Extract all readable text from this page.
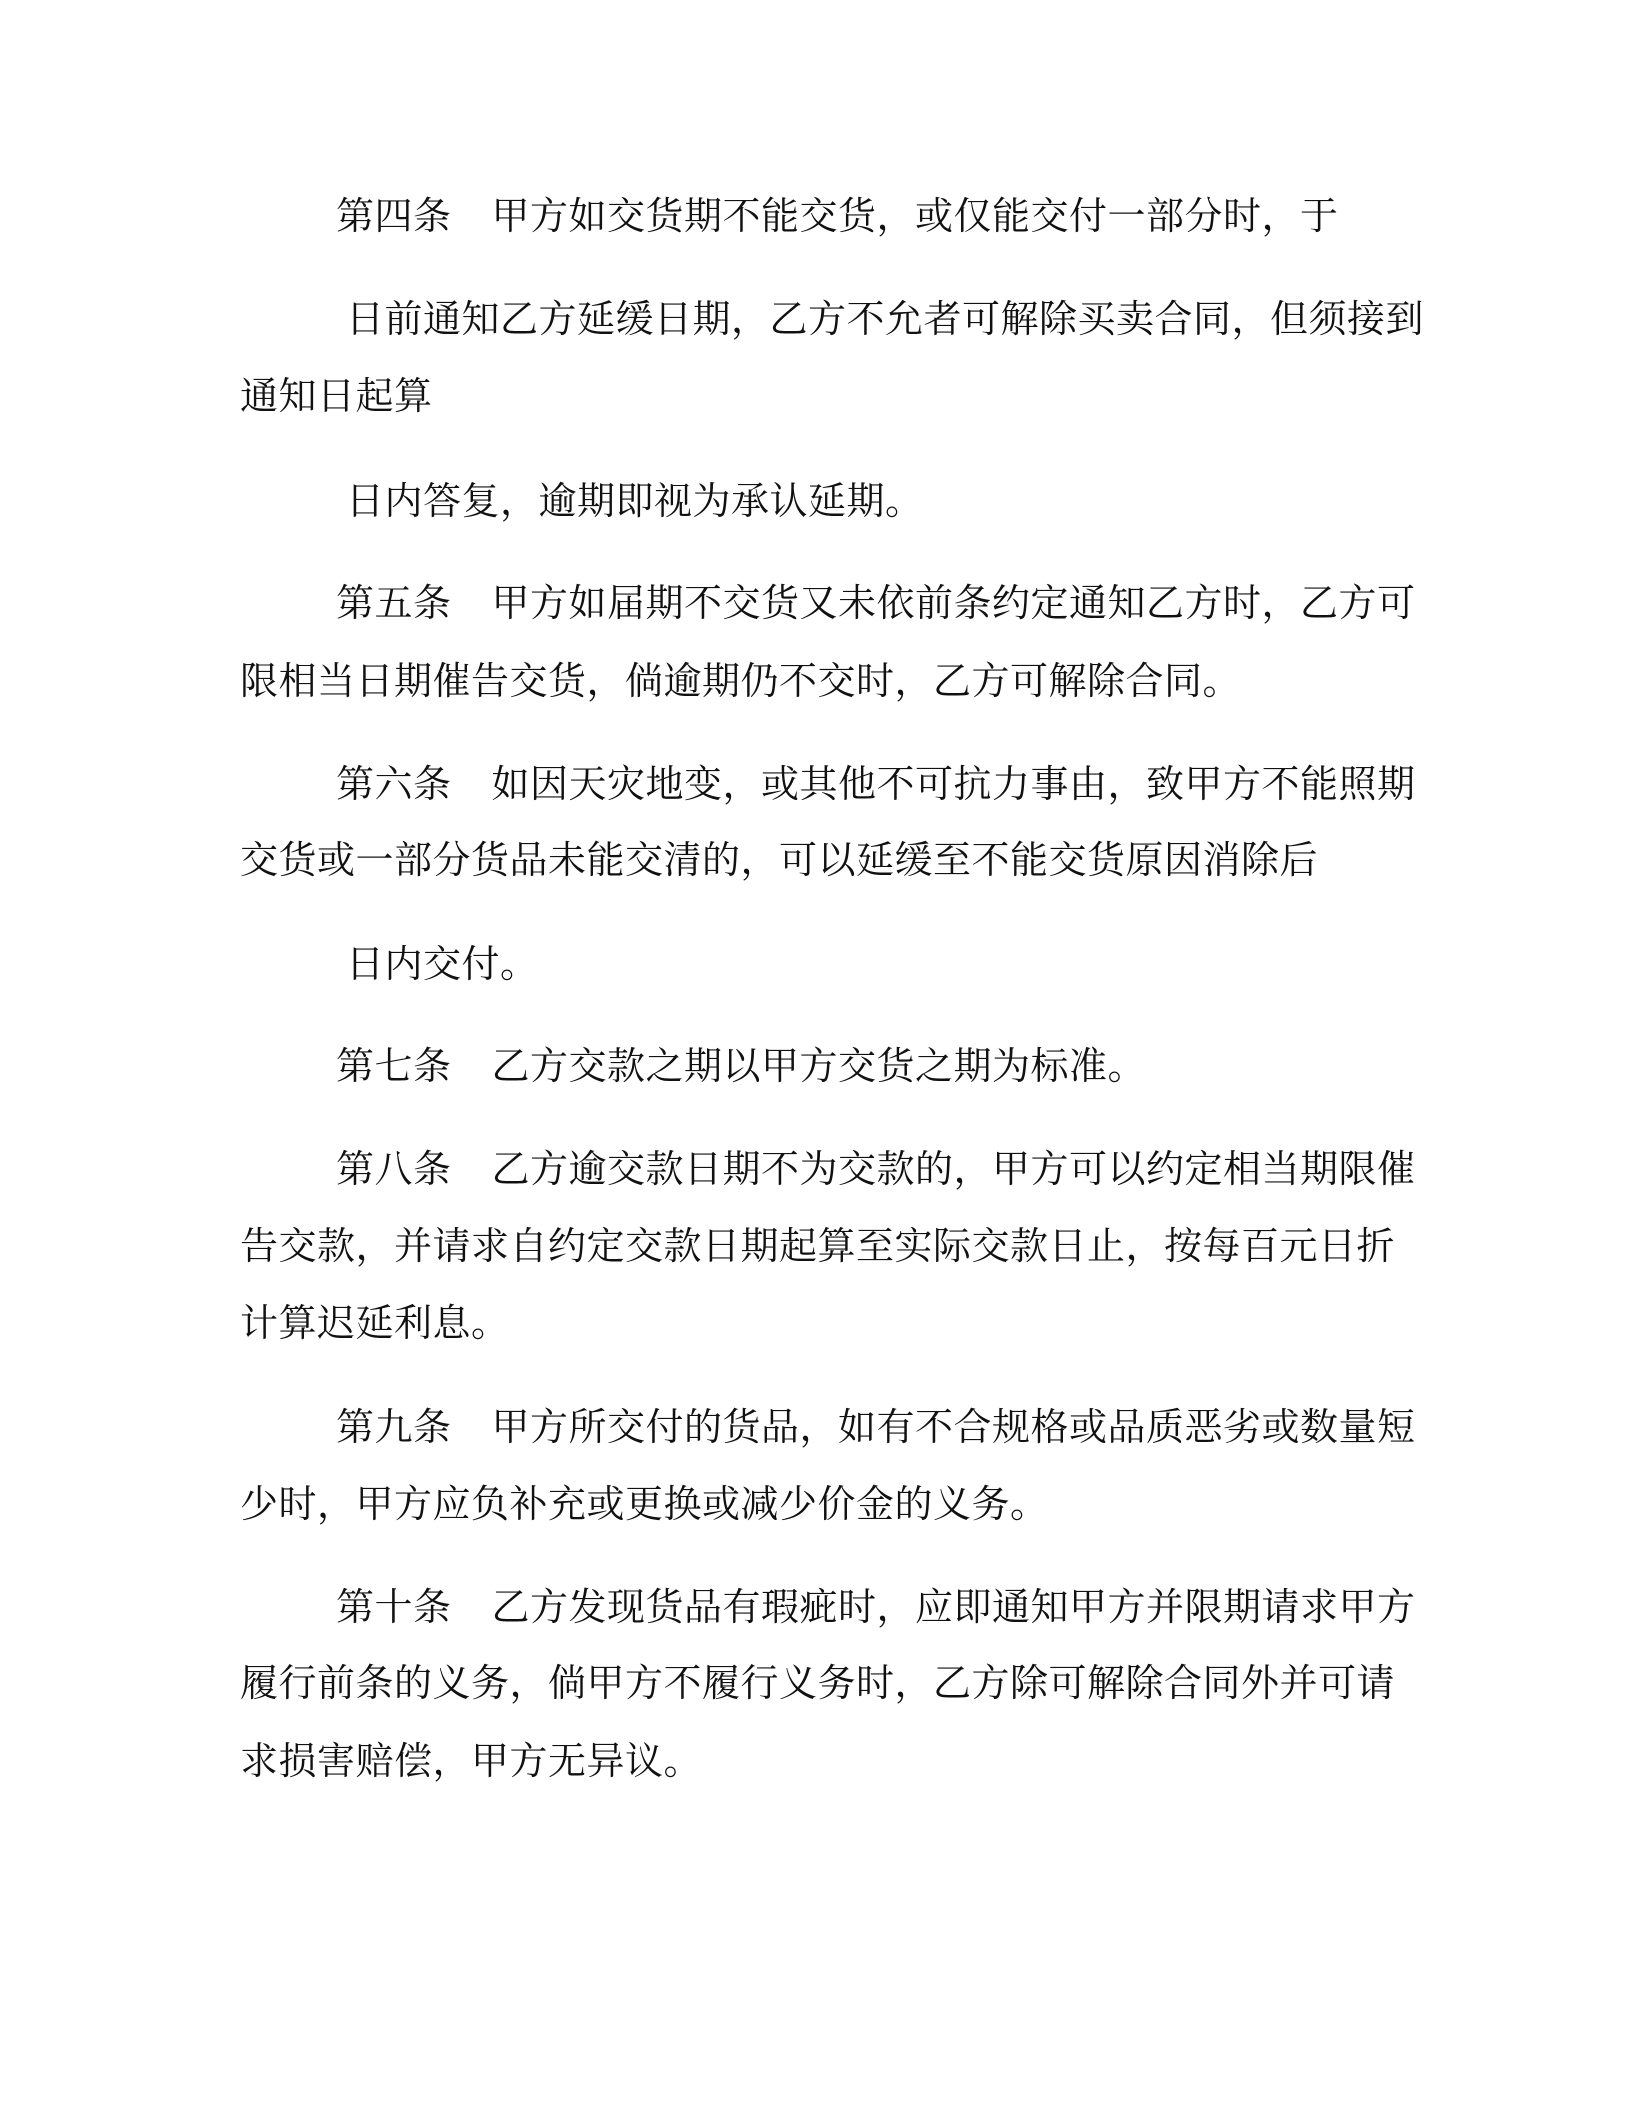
第四条 甲方如交货期不能交货，或仅能交付一部分时，于
日前通知乙方延缓日期，乙方不允者可解除买卖合同，但须接到
通知日起算
日内答复，逾期即视为承认延期。
第五条 甲方如届期不交货又未依前条约定通知乙方时，乙方可
限相当日期催告交货，倘逾期仍不交时，乙方可解除合同。
第六条 如因天灾地变，或其他不可抗力事由，致甲方不能照期
交货或一部分货品未能交清的，可以延缓至不能交货原因消除后
日内交付。
第七条 乙方交款之期以甲方交货之期为标准。
第八条 乙方逾交款日期不为交款的，甲方可以约定相当期限催
告交款，并请求自约定交款日期起算至实际交款日止，按每百元日折
计算迟延利息。
第九条 甲方所交付的货品，如有不合规格或品质恶劣或数量短
少时，甲方应负补充或更换或减少价金的义务。
第十条 乙方发现货品有瑕疵时，应即通知甲方并限期请求甲方
履行前条的义务，倘甲方不履行义务时，乙方除可解除合同外并可请
求损害赔偿，甲方无异议。
